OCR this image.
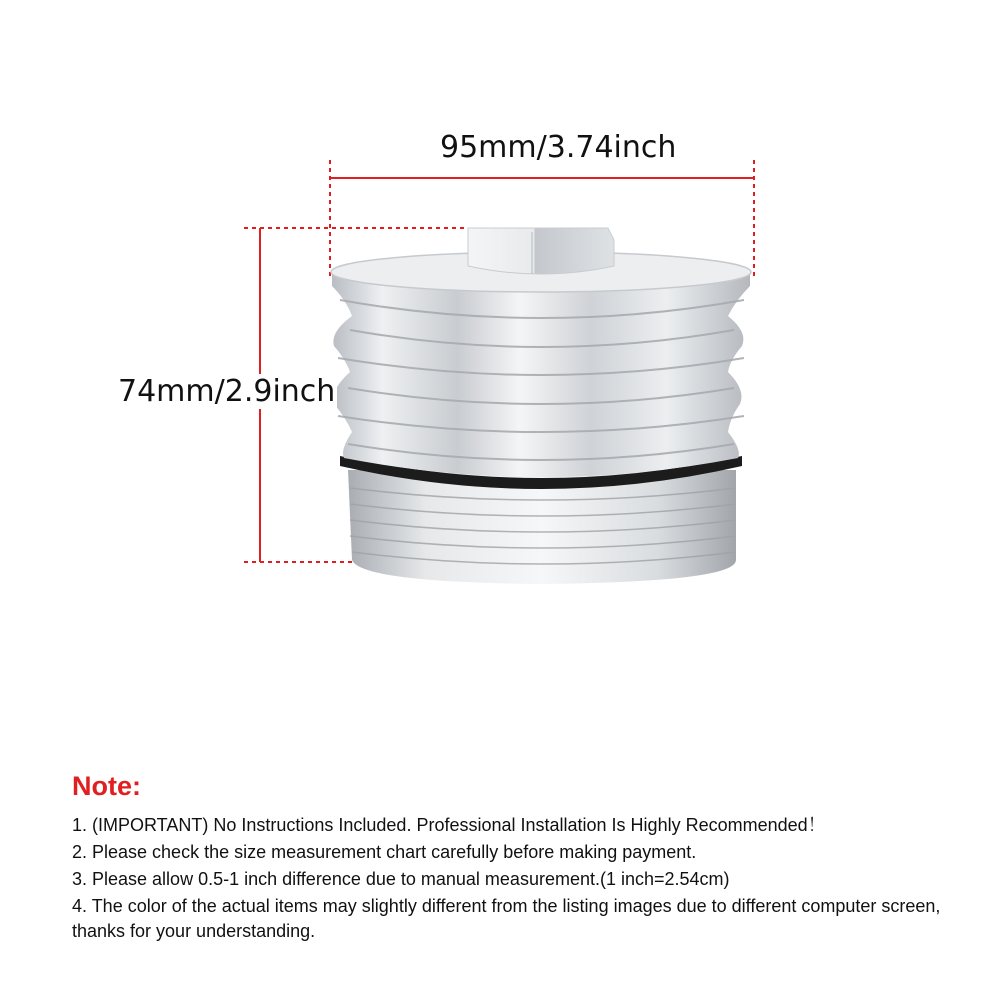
95mm/3.74inch
74mm/2.9inch
Note:
1. (IMPORTANT) No Instructions Included. Professional Installation Is Highly Recommended！
2. Please check the size measurement chart carefully before making payment.
3. Please allow 0.5-1 inch difference due to manual measurement.(1 inch=2.54cm)
4. The color of the actual items may slightly different from the listing images due to different computer screen, thanks for your understanding.
